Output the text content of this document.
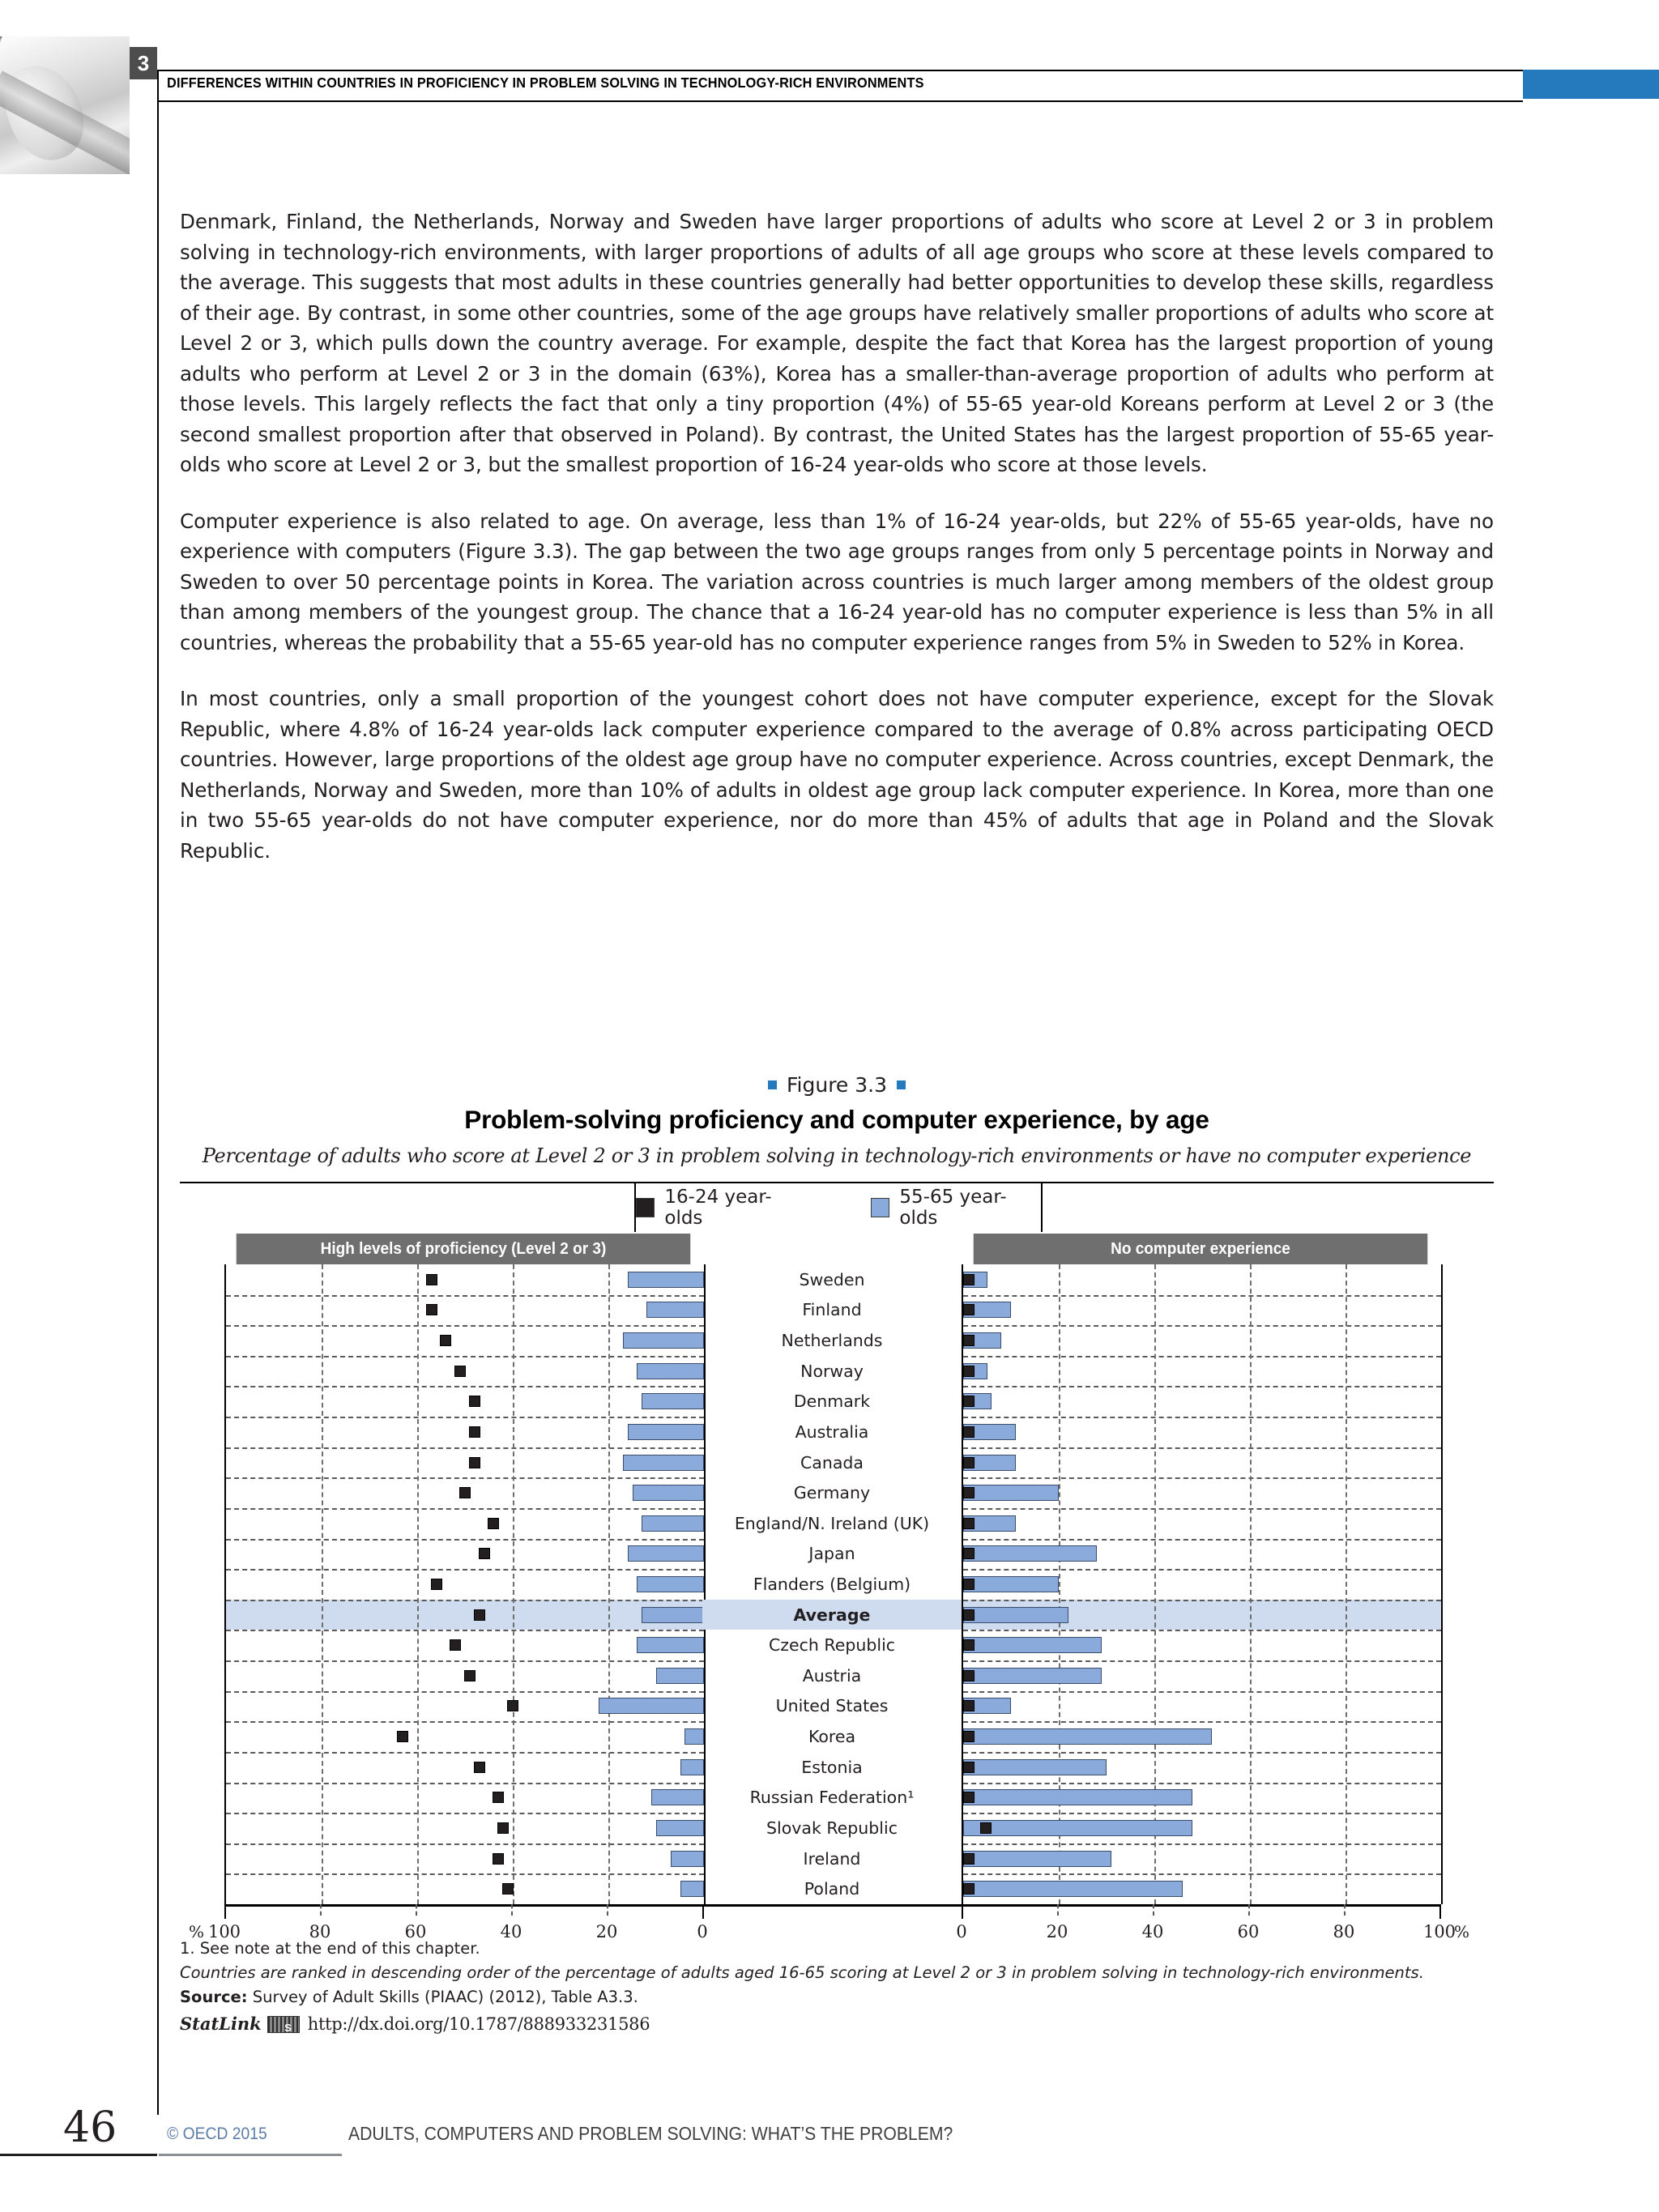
3
DIFFERENCES WITHIN COUNTRIES IN PROFICIENCY IN PROBLEM SOLVING IN TECHNOLOGY-RICH ENVIRONMENTS

Denmark, Finland, the Netherlands, Norway and Sweden have larger proportions of adults who score at Level 2 or 3 in problem solving in technology-rich environments, with larger proportions of adults of all age groups who score at these levels compared to the average. This suggests that most adults in these countries generally had better opportunities to develop these skills, regardless of their age. By contrast, in some other countries, some of the age groups have relatively smaller proportions of adults who score at Level 2 or 3, which pulls down the country average. For example, despite the fact that Korea has the largest proportion of young adults who perform at Level 2 or 3 in the domain (63%), Korea has a smaller-than-average proportion of adults who perform at those levels. This largely reflects the fact that only a tiny proportion (4%) of 55-65 year-old Koreans perform at Level 2 or 3 (the second smallest proportion after that observed in Poland). By contrast, the United States has the largest proportion of 55-65 year-olds who score at Level 2 or 3, but the smallest proportion of 16-24 year-olds who score at those levels.

Computer experience is also related to age. On average, less than 1% of 16-24 year-olds, but 22% of 55-65 year-olds, have no experience with computers (Figure 3.3). The gap between the two age groups ranges from only 5 percentage points in Norway and Sweden to over 50 percentage points in Korea. The variation across countries is much larger among members of the oldest group than among members of the youngest group. The chance that a 16-24 year-old has no computer experience is less than 5% in all countries, whereas the probability that a 55-65 year-old has no computer experience ranges from 5% in Sweden to 52% in Korea.

In most countries, only a small proportion of the youngest cohort does not have computer experience, except for the Slovak Republic, where 4.8% of 16-24 year-olds lack computer experience compared to the average of 0.8% across participating OECD countries. However, large proportions of the oldest age group have no computer experience. Across countries, except Denmark, the Netherlands, Norway and Sweden, more than 10% of adults in oldest age group lack computer experience. In Korea, more than one in two 55-65 year-olds do not have computer experience, nor do more than 45% of adults that age in Poland and the Slovak Republic.

Figure 3.3

Problem-solving proficiency and computer experience, by age

Percentage of adults who score at Level 2 or 3 in problem solving in technology-rich environments or have no computer experience

16-24 year-olds
55-65 year-olds
High levels of proficiency (Level 2 or 3)	No computer experience
Sweden
Finland
Netherlands
Norway
Denmark
Australia
Canada
Germany
England/N. Ireland (UK)
Japan
Flanders (Belgium)
Average
Czech Republic
Austria
United States
Korea
Estonia
Russian Federation¹
Slovak Republic
Ireland
Poland
0
20
40
60
80
100	0	20	40	60	80	100
%	%

1. See note at the end of this chapter.

Countries are ranked in descending order of the percentage of adults aged 16-65 scoring at Level 2 or 3 in problem solving in technology-rich environments.

Source: Survey of Adult Skills (PIAAC) (2012), Table A3.3.

StatLink S	http://dx.doi.org/10.1787/888933231586
46	© OECD 2015	ADULTS, COMPUTERS AND PROBLEM SOLVING: WHAT’S THE PROBLEM?
